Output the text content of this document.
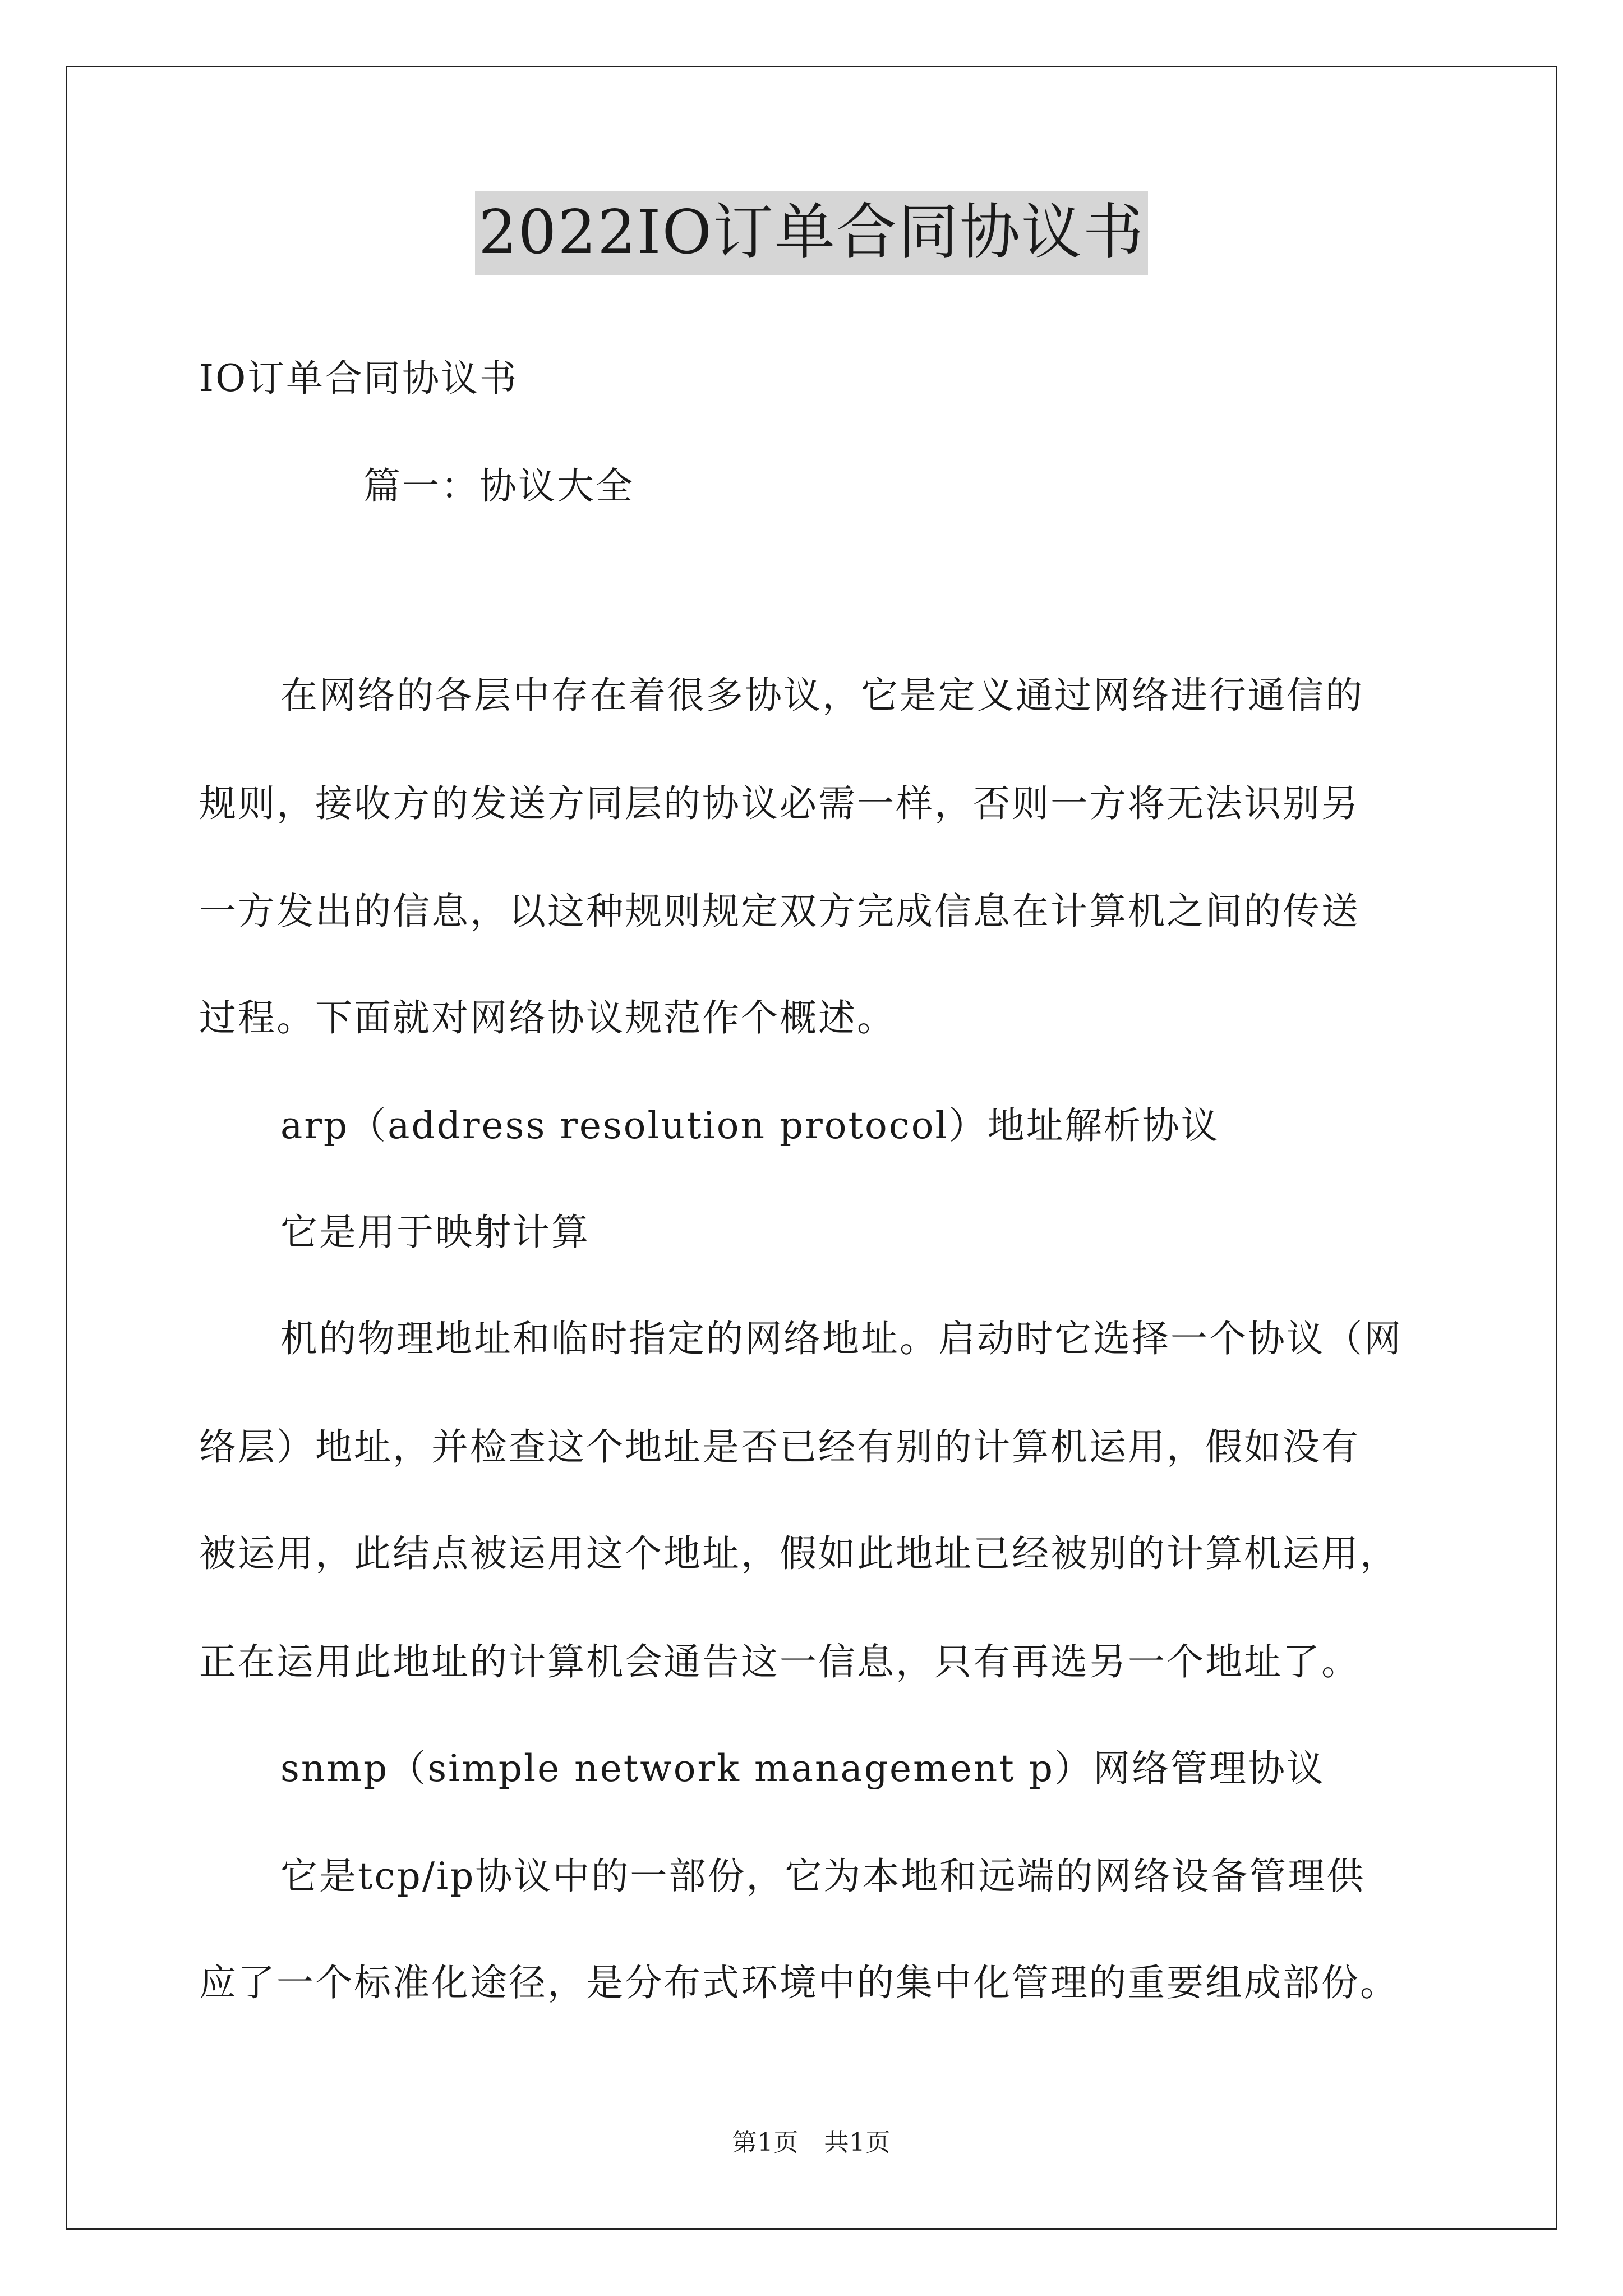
2022IO订单合同协议书

IO订单合同协议书

篇一：协议大全

在网络的各层中存在着很多协议，它是定义通过网络进行通信的

规则，接收方的发送方同层的协议必需一样，否则一方将无法识别另

一方发出的信息，以这种规则规定双方完成信息在计算机之间的传送

过程。下面就对网络协议规范作个概述。

arp（address resolution protocol）地址解析协议

它是用于映射计算

机的物理地址和临时指定的网络地址。启动时它选择一个协议（网

络层）地址，并检查这个地址是否已经有别的计算机运用，假如没有

被运用，此结点被运用这个地址，假如此地址已经被别的计算机运用，

正在运用此地址的计算机会通告这一信息，只有再选另一个地址了。

snmp（simple network management p）网络管理协议

它是tcp/ip协议中的一部份，它为本地和远端的网络设备管理供

应了一个标准化途径，是分布式环境中的集中化管理的重要组成部份。

第1页　共1页
